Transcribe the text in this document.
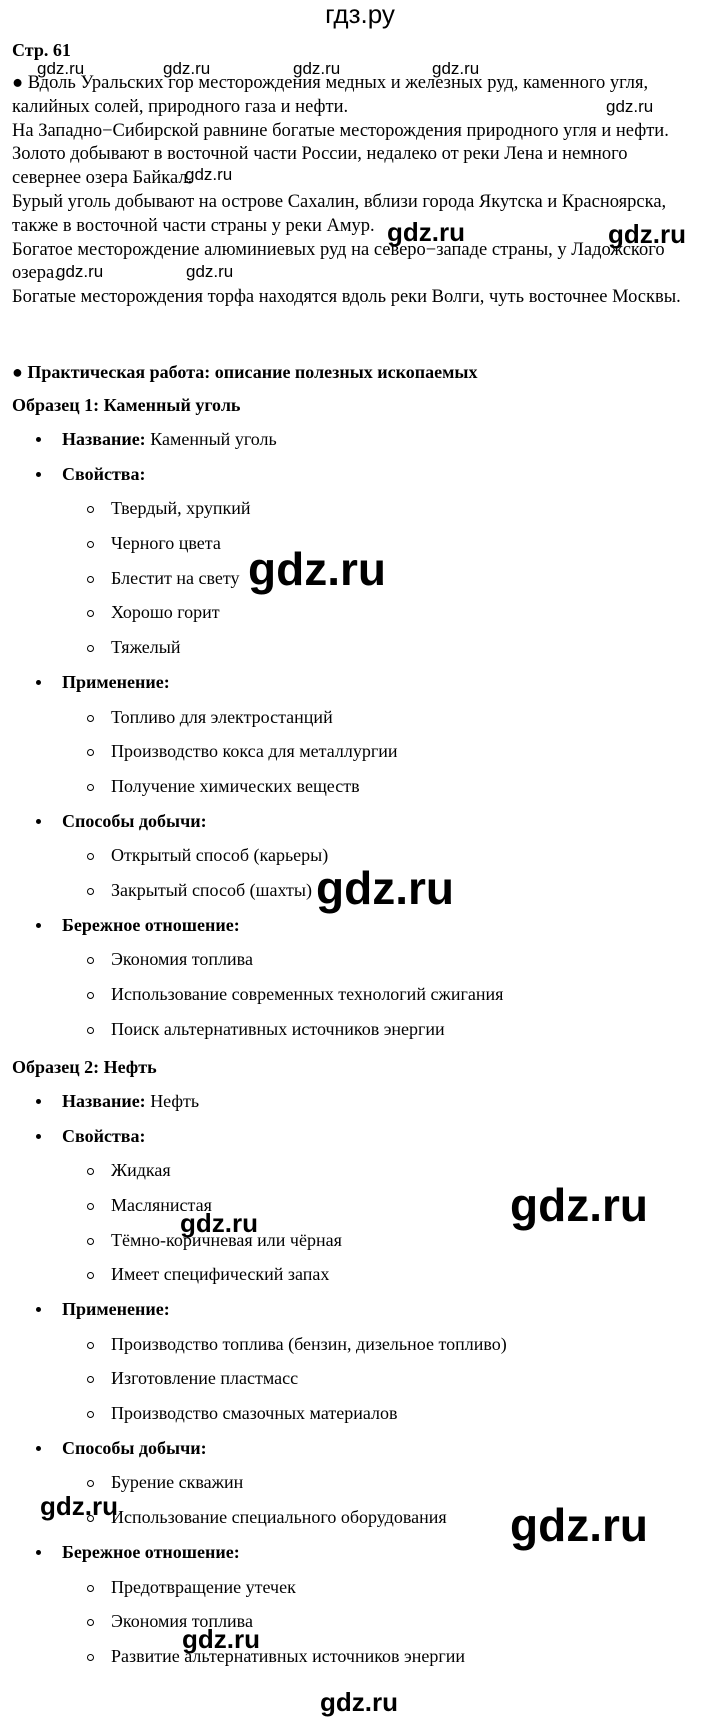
гдз.ру
Стр. 61

● Вдоль Уральских гор месторождения медных и железных руд, каменного угля,

калийных солей, природного газа и нефти.

На Западно−Сибирской равнине богатые месторождения природного угля и нефти.

Золото добывают в восточной части России, недалеко от реки Лена и немного

севернее озера Байкал.

Бурый уголь добывают на острове Сахалин, вблизи города Якутска и Красноярска,

также в восточной части страны у реки Амур.

Богатое месторождение алюминиевых руд на северо−западе страны, у Ладожского

озера.

Богатые месторождения торфа находятся вдоль реки Волги, чуть восточнее Москвы.

● Практическая работа: описание полезных ископаемых
Образец 1: Каменный уголь
Название: Каменный уголь
Свойства:
Твердый, хрупкий
Черного цвета
Блестит на свету
Хорошо горит
Тяжелый
Применение:
Топливо для электростанций
Производство кокса для металлургии
Получение химических веществ
Способы добычи:
Открытый способ (карьеры)
Закрытый способ (шахты)
Бережное отношение:
Экономия топлива
Использование современных технологий сжигания
Поиск альтернативных источников энергии
Образец 2: Нефть
Название: Нефть
Свойства:
Жидкая
Маслянистая
Тёмно-коричневая или чёрная
Имеет специфический запах
Применение:
Производство топлива (бензин, дизельное топливо)
Изготовление пластмасс
Производство смазочных материалов
Способы добычи:
Бурение скважин
Использование специального оборудования
Бережное отношение:
Предотвращение утечек
Экономия топлива
Развитие альтернативных источников энергии
gdz.ru	gdz.ru	gdz.ru	gdz.ru
gdz.ru
gdz.ru
gdz.ru	gdz.ru
gdz.ru	gdz.ru
gdz.ru
gdz.ru
gdz.ru
gdz.ru
gdz.ru	gdz.ru
gdz.ru
gdz.ru
